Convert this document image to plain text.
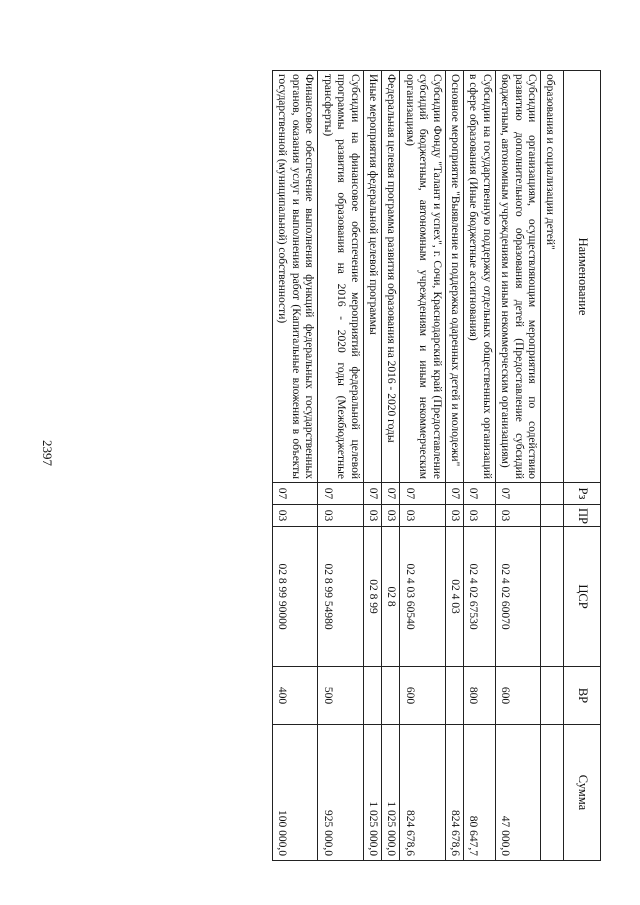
2397
Наименование	Рз	ПР	ЦСР	ВР	Сумма
образования и социализации детей"					
Субсидии организациям, осуществляющим мероприятия по содействию развитию дополнительного образования детей (Предоставление субсидий бюджетным, автономным учреждениям и иным некоммерческим организациям)	07	03	02 4 02 60070	600	47 000,0
Субсидии на государственную поддержку отдельных общественных организаций в сфере образования (Иные бюджетные ассигнования)	07	03	02 4 02 67530	800	80 647,7
Основное мероприятие "Выявление и поддержка одаренных детей и молодежи"	07	03	02 4 03		824 678,6
Субсидии Фонду "Талант и успех", г. Сочи, Краснодарский край (Предоставление субсидий бюджетным, автономным учреждениям и иным некоммерческим организациям)	07	03	02 4 03 60540	600	824 678,6
Федеральная целевая программа развития образования на 2016 - 2020 годы	07	03	02 8		1 025 000,0
Иные мероприятия федеральной целевой программы	07	03	02 8 99		1 025 000,0
Субсидии на финансовое обеспечение мероприятий федеральной целевой программы развития образования на 2016 - 2020 годы (Межбюджетные трансферты)	07	03	02 8 99 54980	500	925 000,0
Финансовое обеспечение выполнения функций федеральных государственных органов, оказания услуг и выполнения работ (Капитальные вложения в объекты государственной (муниципальной) собственности)	07	03	02 8 99 90000	400	100 000,0
